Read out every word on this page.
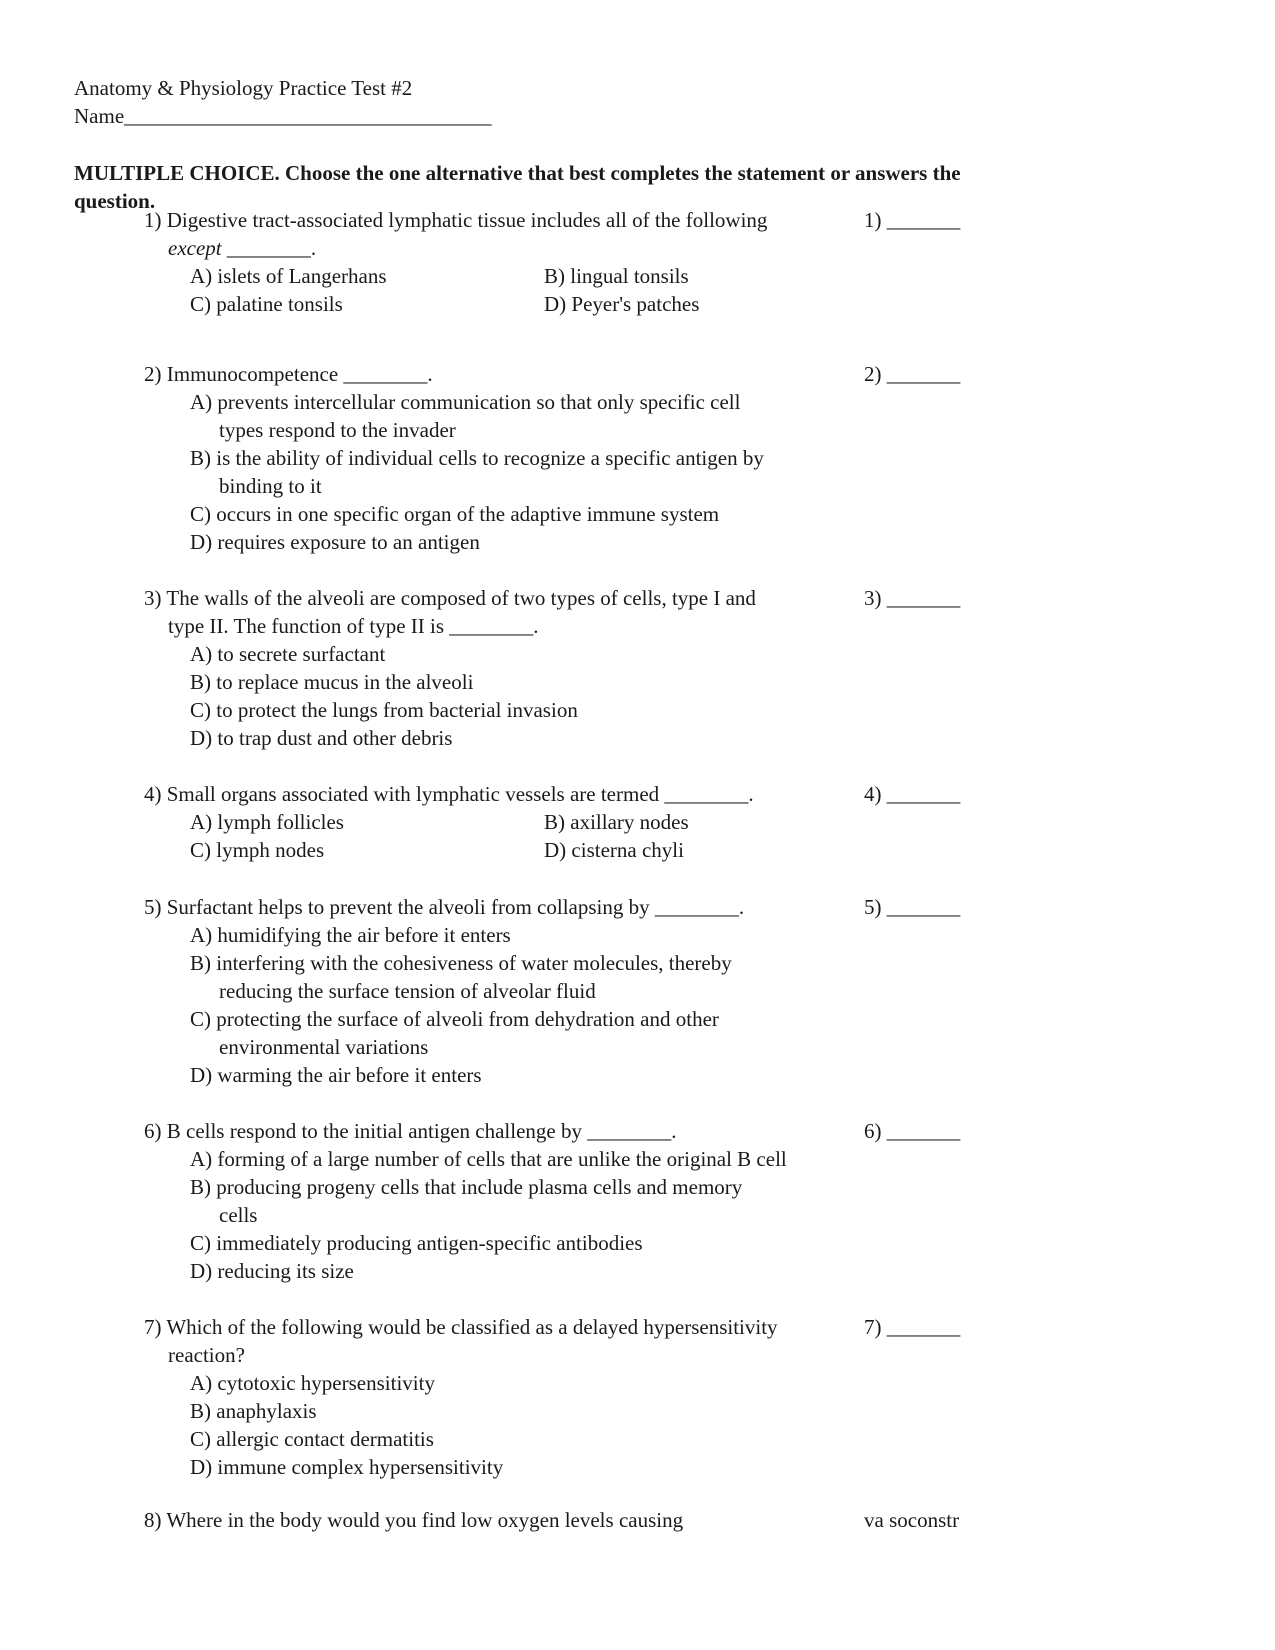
Anatomy & Physiology Practice Test #2
Name___________________________________
MULTIPLE CHOICE. Choose the one alternative that best completes the statement or answers the question.
1) Digestive tract-associated lymphatic tissue includes all of the following
except ________.
1) _______
A) islets of Langerhans	B) lingual tonsils
C) palatine tonsils	D) Peyer's patches
2) Immunocompetence ________.	2) _______
A) prevents intercellular communication so that only specific cell
types respond to the invader
B) is the ability of individual cells to recognize a specific antigen by
binding to it
C) occurs in one specific organ of the adaptive immune system
D) requires exposure to an antigen
3) The walls of the alveoli are composed of two types of cells, type I and
type II. The function of type II is ________.
3) _______
A) to secrete surfactant
B) to replace mucus in the alveoli
C) to protect the lungs from bacterial invasion
D) to trap dust and other debris
4) Small organs associated with lymphatic vessels are termed ________.	4) _______
A) lymph follicles	B) axillary nodes
C) lymph nodes	D) cisterna chyli
5) Surfactant helps to prevent the alveoli from collapsing by ________.	5) _______
A) humidifying the air before it enters
B) interfering with the cohesiveness of water molecules, thereby
reducing the surface tension of alveolar fluid
C) protecting the surface of alveoli from dehydration and other
environmental variations
D) warming the air before it enters
6) B cells respond to the initial antigen challenge by ________.	6) _______
A) forming of a large number of cells that are unlike the original B cell
B) producing progeny cells that include plasma cells and memory
cells
C) immediately producing antigen-specific antibodies
D) reducing its size
7) Which of the following would be classified as a delayed hypersensitivity
reaction?
7) _______
A) cytotoxic hypersensitivity
B) anaphylaxis
C) allergic contact dermatitis
D) immune complex hypersensitivity
8) Where in the body would you find low oxygen levels causing	va soconstr
